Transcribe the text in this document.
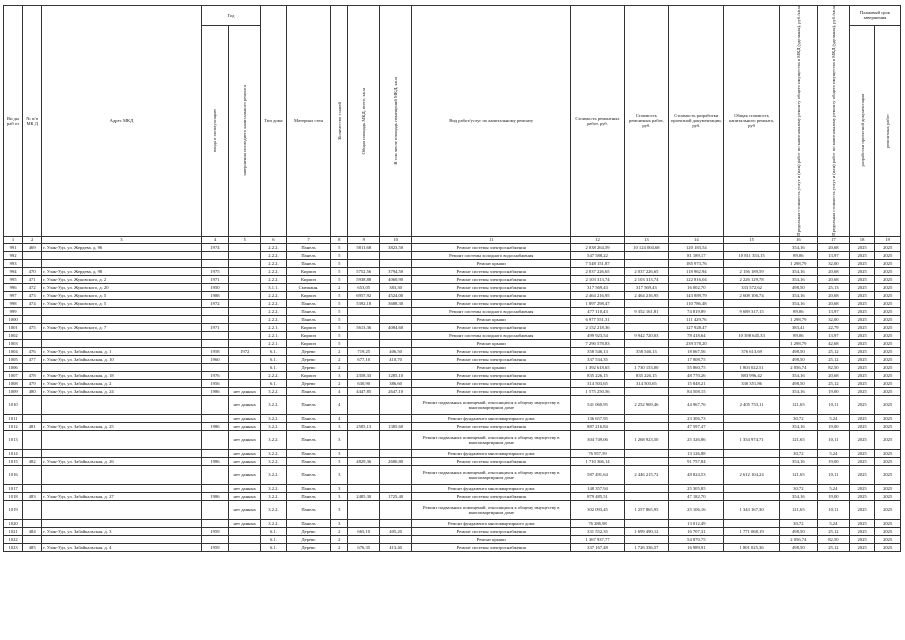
Ви ды раб от	№ п/п МК Д	Адрес МКД	Год		Тип дома	Материал стен	Количество этажей	Общая площадь МКД, всего, кв.м	В том числе площадь помещений МКД, кв.м	Вид работ/услуг по капитальному ремонту	Стоимость ремонтных работ, руб.	Стоимость ремонтных работ, руб.	Стоимость разработки проектной документации, руб.	Общая стоимость капитального ремонта, руб	Предельная стоимость услуг и (или) работ по капитальному ремонту общего имущества в МКД (удельная), руб./кв.м	Предельная стоимость услуг и (или) работ по капитальному ремонту общего имущества в МКД (удельная), руб./кв.м	Плановый срок завершения	

			ввода в эксплуатацию	завершения последнего капитального ремонта													разработки проектной документации	ремонтных работ

1	2	3	4	5	6	7	8	9	10	11	12	13	14	15	16	17	18	19
991	469	г. Улан-Удэ, ул. Жердева, д. 96	1974		2.2.2.	Панель	5	5811,68	3823,50	Ремонт системы электроснабжения	2 038 264,59	10 124 004,68	120 183,54		354,16	20,68	2025	2025
992					2.2.2.	Панель	5			Ремонт системы холодного водоснабжения	547 588,22		81 189,17	10 811 353,15	89,06	13,97	2025	2025
993					2.2.2.	Панель	5			Ремонт крыши	7 548 151,87		185 973,76		1 298,79	32,00	2025	2025
994	470	г. Улан-Удэ, ул. Жердева, д. 98	1975		2.2.2.	Кирпич	5	5752,56	3794,50	Ремонт системы электроснабжения	2 037 226,65	2 037 226,65	118 962,94	2 156 189,59	354,16	20,68	2025	2025
995	471	г. Улан-Удэ, ул. Жуковского, д. 2	1971		2.2.2.	Кирпич	5	5938,88	4060,90	Ремонт системы электроснабжения	2 103 313,74	2 103 313,74	122 816,04	2 226 129,78	354,16	20,68	2025	2025
996	472	г. Улан-Удэ, ул. Жуковского, д. 20	1950		3.1.1.	Смешанн.	2	653,05	383,30	Ремонт системы электроснабжения	317 569,43	317 569,43	16 002,70	333 572,62	498,50	25,13	2025	2025
997	473	г. Улан-Удэ, ул. Жуковского, д. 5	1988		2.2.2.	Кирпич	5	6957,92	4524,00	Ремонт системы электроснабжения	2 464 216,95	2 464 216,95	143 889,79	2 608 106,74	354,16	20,68	2025	2025
998	474	г. Улан-Удэ, ул. Жуковского, д. 5	1972		2.2.2.	Панель	5	5392,18	3688,30	Ремонт системы электроснабжения	1 897 298,47		110 786,48		354,16	20,68	2025	2025
999					2.2.2.	Панель	5			Ремонт системы холодного водоснабжения	477 110,43	9 352 161,81	74 819,89	9 689 317,15	89,06	13,97	2025	2025
1000					2.2.2.	Панель	5			Ремонт крыши	6 977 551,31		111 429,76		1 298,79	32,00	2025	2025
1001	475	г. Улан-Удэ, ул. Жуковского, д. 7	1971		2.2.1.	Кирпич	5	5613,36	4084,60	Ремонт системы электроснабжения	2 152 218,36		127 928,47		383,41	22,79	2025	2025
1002					2.2.1.	Кирпич	5			Ремонт системы холодного водоснабжения	499 923,54	9 942 720,03	78 418,64	10 398 645,33	89,06	13,97	2025	2025
1003					2.2.1.	Кирпич	5			Ремонт крыши	7 290 578,83		239 578,20		1 298,79	42,68	2025	2025
1004	476	г. Улан-Удэ, ул. Забайкальская, д. 1	1958	1972	6.1.	Дерево	2	719,25	406,50	Ремонт системы электроснабжения	358 546,13	358 546,13	18 067,56	376 613,69	498,50	25,12	2025	2025
1005	477	г. Улан-Удэ, ул. Забайкальская, д. 10	1960		6.1.	Дерево	2	677,10	410,70	Ремонт системы электроснабжения	337 534,35		17 008,75		498,50	25,12	2025	2025
1006					6.1.	Дерево	2			Ремонт крыши	1 392 618,65	1 730 153,00	55 860,75	1 803 022,51	2 056,74	82,50	2025	2025
1007	478	г. Улан-Удэ, ул. Забайкальская, д. 18	1976		2.2.2.	Кирпич	3	2358,33	1285,10	Ремонт системы электроснабжения	835 226,15	835 226,15	48 770,26	883 996,42	354,16	20,68	2025	2025
1008	479	г. Улан-Удэ, ул. Забайкальская, д. 2	1956		6.1.	Дерево	2	630,90	386,60	Ремонт системы электроснабжения	314 503,65	314 503,65	15 848,21	330 351,86	498,50	25,12	2025	2025
1009	480	г. Улан-Удэ, ул. Забайкальская, д. 24	1986	нет данных	3.2.2.	Панель	4	4447,85	2647,10	Ремонт системы электроснабжения	1 575 250,56		84 508,15		354,16	19,00	2025	2025
1010				нет данных	3.2.2.	Панель	4			Ремонт подвальных помещений, относящихся к общему имуществу в многоквартирном доме	541 060,95	2 252 969,46	44 967,76	2 405 753,11	121,65	10,11	2025	2025
1011				нет данных	3.2.2.	Панель	4			Ремонт фундамента многоквартирного дома	136 657,95		23 306,73		30,72	5,24	2025	2025
1012	481	г. Улан-Удэ, ул. Забайкальская, д. 25	1986	нет данных	3.2.2.	Панель	3	2505,13	1385,60	Ремонт системы электроснабжения	887 216,84		47 597,47		354,16	19,00	2025	2025
1013				нет данных	3.2.2.	Панель	3			Ремонт подвальных помещений, относящихся к общему имуществу в многоквартирном доме	304 749,06	1 268 923,50	25 326,86	1 354 974,71	121,65	10,11	2025	2025
1014				нет данных	3.2.2.	Панель	3			Ремонт фундамента многоквартирного дома	76 957,59		13 126,88		30,72	5,24	2025	2025
1015	482	г. Улан-Удэ, ул. Забайкальская, д. 26	1986	нет данных	3.2.2.	Панель	3	4829,36	2680,80	Ремонт системы электроснабжения	1 710 366,14		91 757,84		354,16	19,00	2025	2025
1016				нет данных	3.2.2.	Панель	3			Ремонт подвальных помещений, относящихся к общему имуществу в многоквартирном доме	587 491,64	2 446 215,72	48 824,53	2 612 104,24	121,65	10,11	2025	2025
1017				нет данных	3.2.2.	Панель	3			Ремонт фундамента многоквартирного дома	148 357,94		25 305,85		30,72	5,24	2025	2025
1018	483	г. Улан-Удэ, ул. Забайкальская, д. 27	1986	нет данных	3.2.2.	Панель	3	2485,30	1725,40	Ремонт системы электроснабжения	879 485,51		47 182,70		354,16	19,00	2025	2025
1019				нет данных	3.2.2.	Панель	3			Ремонт подвальных помещений, относящихся к общему имуществу в многоквартирном доме	302 093,45	1 257 865,95	25 106,16	1 343 167,30	121,65	10,11	2025	2025
1020				нет данных	3.2.2.	Панель	3			Ремонт фундамента многоквартирного дома	76 286,98		13 012,49		30,72	5,24	2025	2025
1021	484	г. Улан-Удэ, ул. Забайкальская, д. 3	1959		6.1.	Дерево	2	665,10	405,20	Ремонт системы электроснабжения	331 552,35	1 699 490,12	16 707,31	1 771 068,19	498,50	25,12	2025	2025
1022					6.1.	Дерево	2			Ремонт крыши	1 367 937,77		54 870,75		2 056,74	82,50	2025	2025
1023	485	г. Улан-Удэ, ул. Забайкальская, д. 4	1959		6.1.	Дерево	2	676,35	413,40	Ремонт системы электроснабжения	337 167,48	1 726 336,57	16 989,91	1 801 025,36	498,50	25,12	2025	2025
